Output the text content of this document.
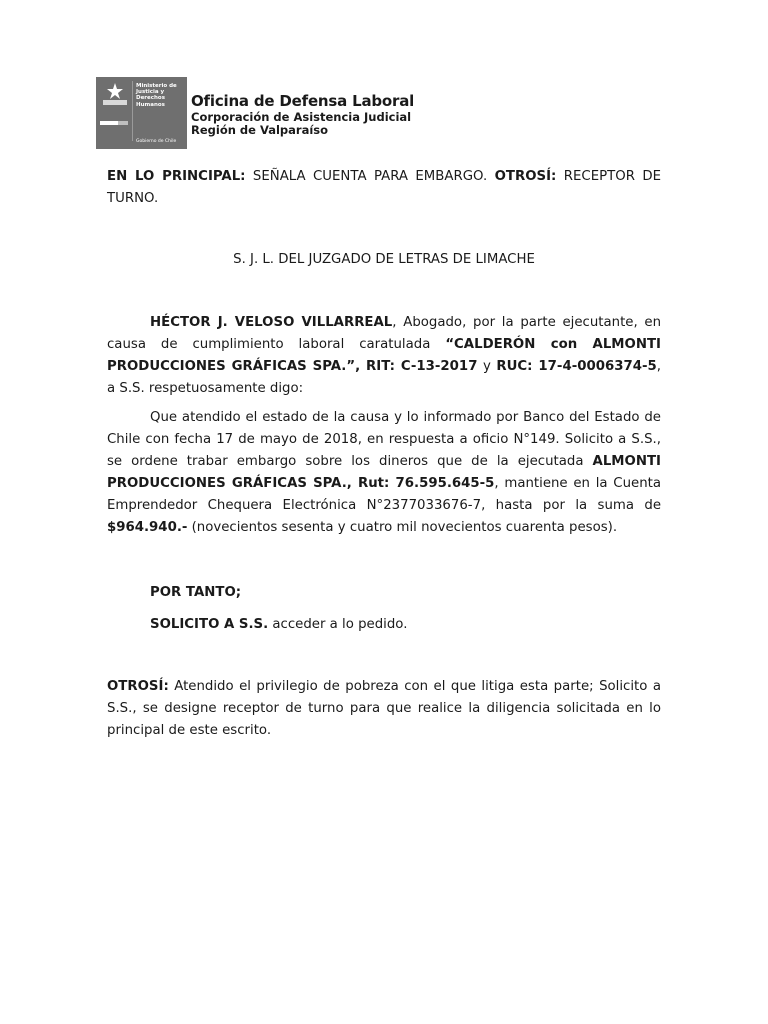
Ministerio de Justicia y Derechos Humanos
Gobierno de Chile
Oficina de Defensa Laboral
Corporación de Asistencia Judicial
Región de Valparaíso
EN LO PRINCIPAL: SEÑALA CUENTA PARA EMBARGO. OTROSÍ: RECEPTOR DE TURNO.
S. J. L. DEL JUZGADO DE LETRAS DE LIMACHE
HÉCTOR J. VELOSO VILLARREAL, Abogado, por la parte ejecutante, en causa de cumplimiento laboral caratulada “CALDERÓN con ALMONTI PRODUCCIONES GRÁFICAS SPA.”, RIT: C-13-2017 y RUC: 17-4-0006374-5, a S.S. respetuosamente digo:
Que atendido el estado de la causa y lo informado por Banco del Estado de Chile con fecha 17 de mayo de 2018, en respuesta a oficio N°149. Solicito a S.S., se ordene trabar embargo sobre los dineros que de la ejecutada ALMONTI PRODUCCIONES GRÁFICAS SPA., Rut: 76.595.645-5, mantiene en la Cuenta Emprendedor Chequera Electrónica N°2377033676-7, hasta por la suma de $964.940.- (novecientos sesenta y cuatro mil novecientos cuarenta pesos).
POR TANTO;
SOLICITO A S.S. acceder a lo pedido.
OTROSÍ: Atendido el privilegio de pobreza con el que litiga esta parte; Solicito a S.S., se designe receptor de turno para que realice la diligencia solicitada en lo principal de este escrito.
